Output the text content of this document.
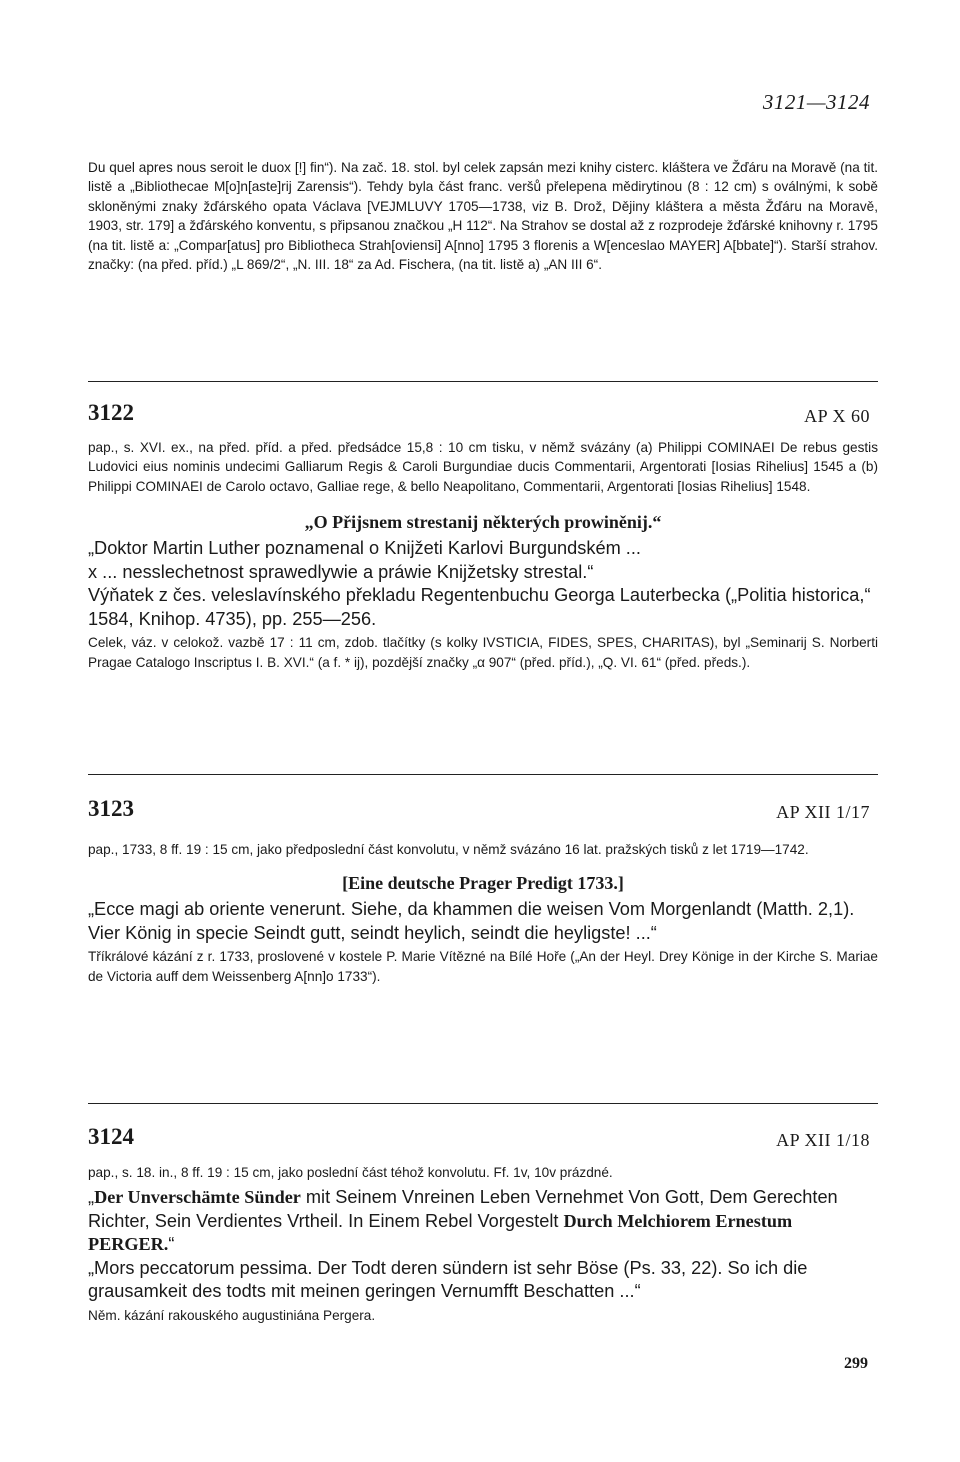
3121—3124

Du quel apres nous seroit le duox [!] fin“). Na zač. 18. stol. byl celek zapsán mezi knihy cisterc. kláštera ve Žďáru na Moravě (na tit. listě a „Bibliothecae M[o]n[aste]rij Zarensis“). Tehdy byla část franc. veršů přelepena mědirytinou (8 : 12 cm) s oválnými, k sobě skloněnými znaky žďárského opata Václava [VEJMLUVY 1705—1738, viz B. Drož, Dějiny kláštera a města Žďáru na Moravě, 1903, str. 179] a žďárského konventu, s připsanou značkou „H 112“. Na Strahov se dostal až z rozprodeje žďárské knihovny r. 1795 (na tit. listě a: „Compar[atus] pro Bibliotheca Strah[oviensi] A[nno] 1795 3 florenis a W[enceslao MAYER] A[bbate]“). Starší strahov. značky: (na před. příd.) „L 869/2“, „N. III. 18“ za Ad. Fischera, (na tit. listě a) „AN III 6“.

3122	AP X 60

pap., s. XVI. ex., na před. příd. a před. předsádce 15,8 : 10 cm tisku, v němž svázány (a) Philippi COMINAEI De rebus gestis Ludovici eius nominis undecimi Galliarum Regis & Caroli Burgundiae ducis Commentarii, Argentorati [Iosias Rihelius] 1545 a (b) Philippi COMINAEI de Carolo octavo, Galliae rege, & bello Neapolitano, Commentarii, Argentorati [Iosias Rihelius] 1548.

„O Přijsnem strestanij některých prowiněnij.“

„Doktor Martin Luther poznamenal o Knijžeti Karlovi Burgundském ...

x ... nesslechetnost sprawedlywie a práwie Knijžetsky strestal.“

Výňatek z čes. veleslavínského překladu Regentenbuchu Georga Lauterbecka („Politia historica,“ 1584, Knihop. 4735), pp. 255—256.

Celek, váz. v celokož. vazbě 17 : 11 cm, zdob. tlačítky (s kolky IVSTICIA, FIDES, SPES, CHARITAS), byl „Seminarij S. Norberti Pragae Catalogo Inscriptus I. B. XVI.“ (a f. * ij), pozdější značky „α 907“ (před. příd.), „Q. VI. 61“ (před. předs.).

3123	AP XII 1/17

pap., 1733, 8 ff. 19 : 15 cm, jako předposlední část konvolutu, v němž svázáno 16 lat. pražských tisků z let 1719—1742.

[Eine deutsche Prager Predigt 1733.]

„Ecce magi ab oriente venerunt. Siehe, da khammen die weisen Vom Morgenlandt (Matth. 2,1). Vier König in specie Seindt gutt, seindt heylich, seindt die heyligste! ...“

Tříkrálové kázání z r. 1733, proslovené v kostele P. Marie Vítězné na Bílé Hoře („An der Heyl. Drey Könige in der Kirche S. Mariae de Victoria auff dem Weissenberg A[nn]o 1733“).

3124	AP XII 1/18

pap., s. 18. in., 8 ff. 19 : 15 cm, jako poslední část téhož konvolutu. Ff. 1v, 10v prázdné.

„Der Unverschämte Sünder mit Seinem Vnreinen Leben Vernehmet Von Gott, Dem Gerechten Richter, Sein Verdientes Vrtheil. In Einem Rebel Vorgestelt Durch Melchiorem Ernestum PERGER.“

„Mors peccatorum pessima. Der Todt deren sündern ist sehr Böse (Ps. 33, 22). So ich die grausamkeit des todts mit meinen geringen Vernumfft Beschatten ...“

Něm. kázání rakouského augustiniána Pergera.

299
